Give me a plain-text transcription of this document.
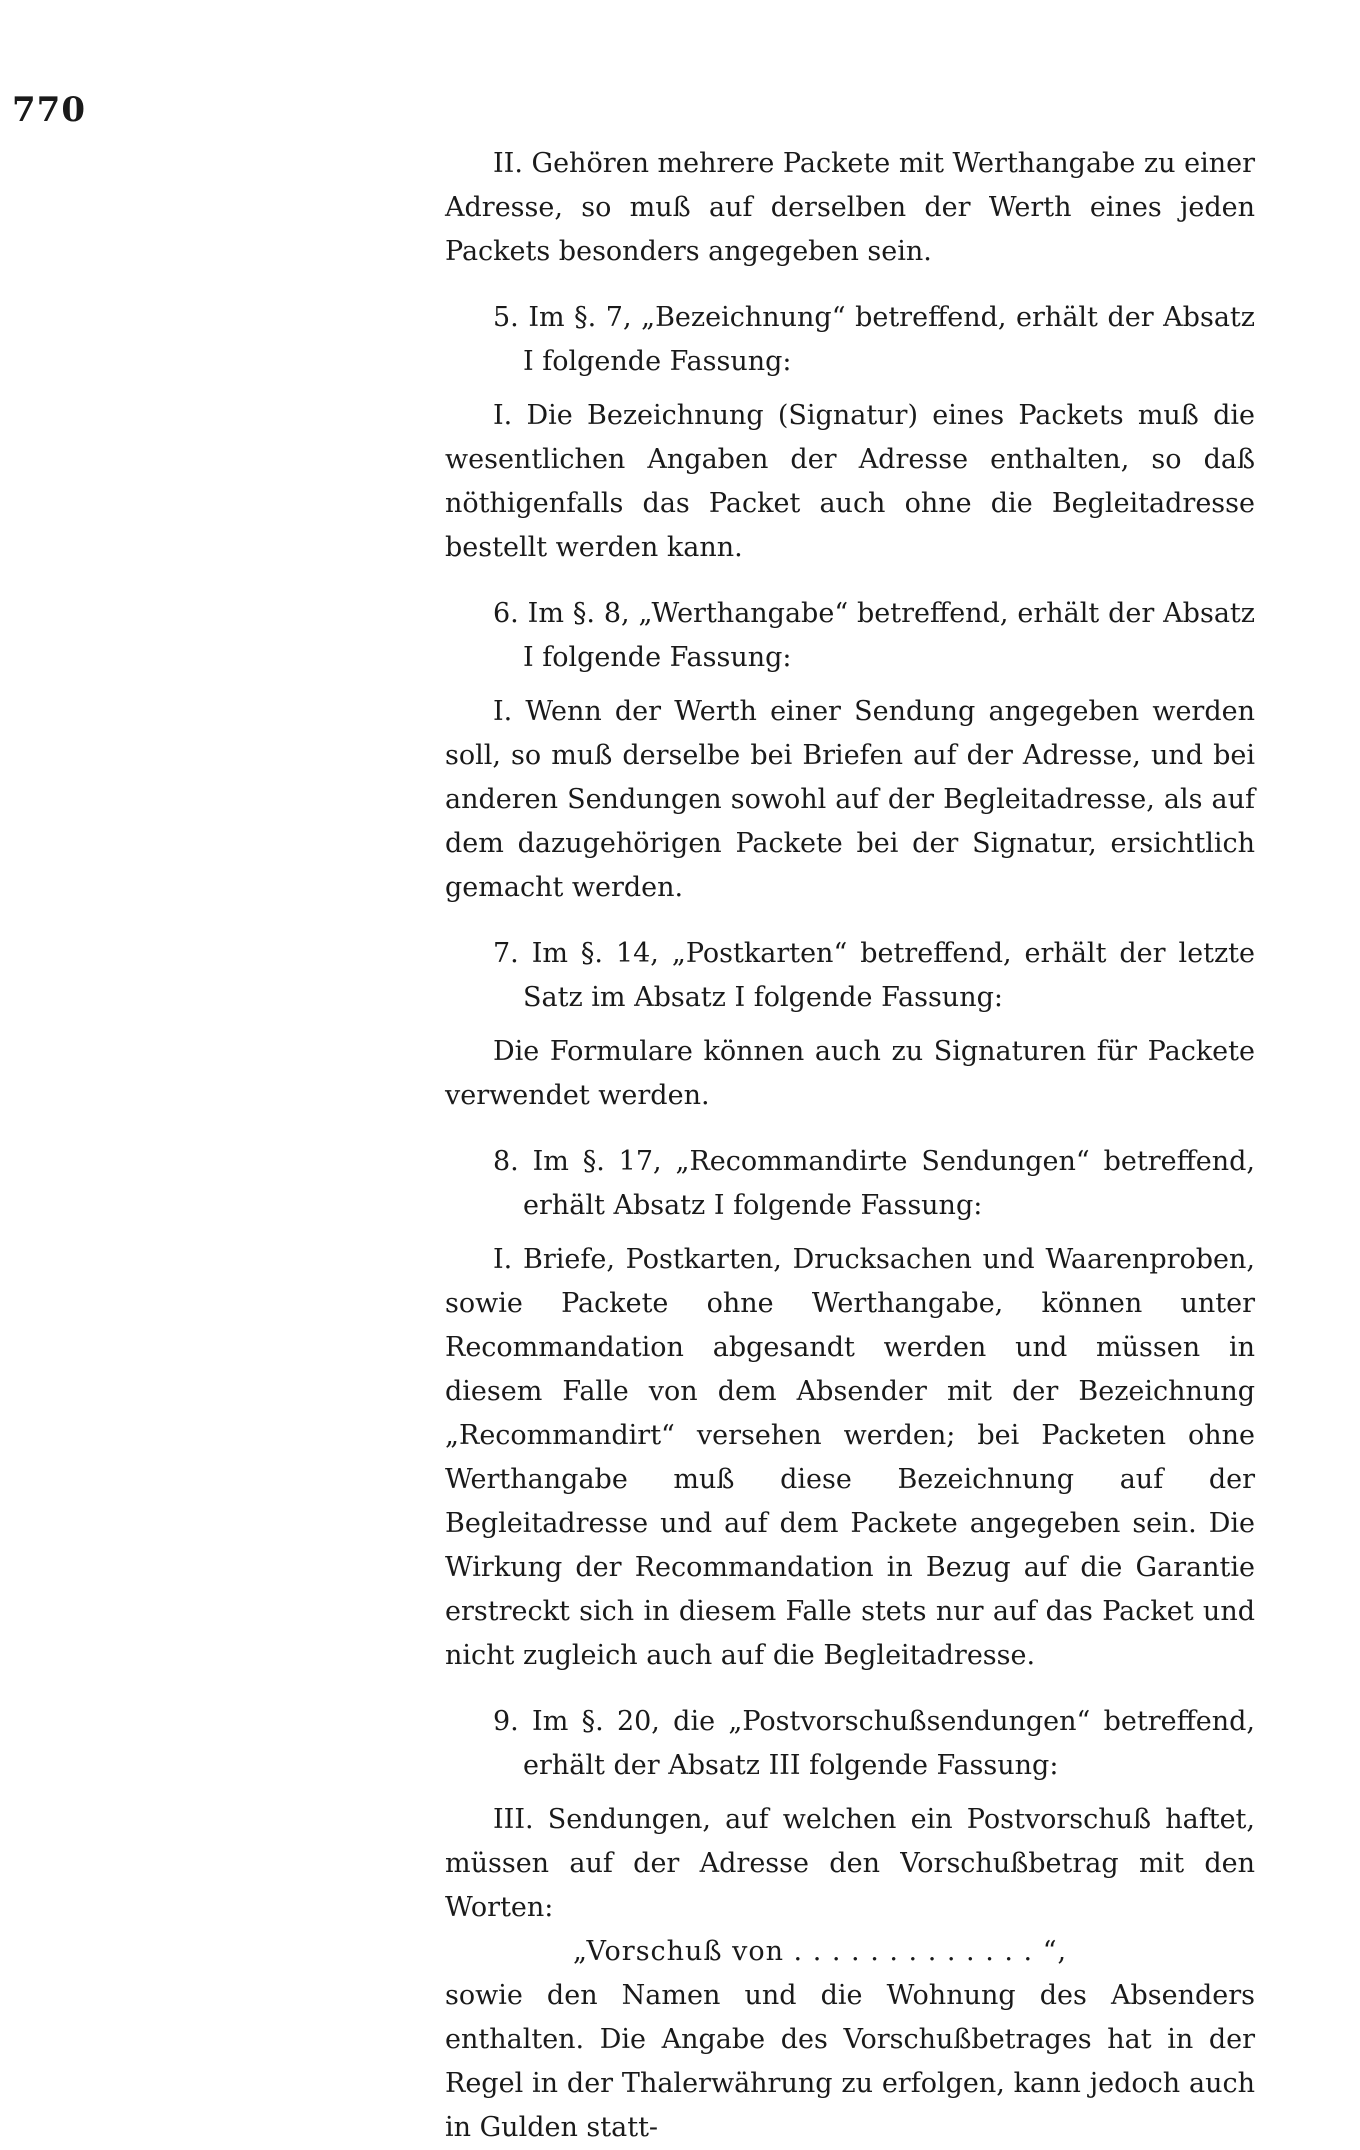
770

II. Gehören mehrere Packete mit Werthangabe zu einer Adresse, so muß auf derselben der Werth eines jeden Packets besonders angegeben sein.

5. Im §. 7, „Bezeichnung“ betreffend, erhält der Absatz I folgende Fassung:

I. Die Bezeichnung (Signatur) eines Packets muß die wesentlichen Angaben der Adresse enthalten, so daß nöthigenfalls das Packet auch ohne die Begleitadresse bestellt werden kann.

6. Im §. 8, „Werthangabe“ betreffend, erhält der Absatz I folgende Fassung:

I. Wenn der Werth einer Sendung angegeben werden soll, so muß derselbe bei Briefen auf der Adresse, und bei anderen Sendungen sowohl auf der Begleitadresse, als auf dem dazugehörigen Packete bei der Signatur, ersichtlich gemacht werden.

7. Im §. 14, „Postkarten“ betreffend, erhält der letzte Satz im Absatz I folgende Fassung:

Die Formulare können auch zu Signaturen für Packete verwendet werden.

8. Im §. 17, „Recommandirte Sendungen“ betreffend, erhält Absatz I folgende Fassung:

I. Briefe, Postkarten, Drucksachen und Waarenproben, sowie Packete ohne Werthangabe, können unter Recommandation abgesandt werden und müssen in diesem Falle von dem Absender mit der Bezeichnung „Recommandirt“ versehen werden; bei Packeten ohne Werthangabe muß diese Bezeichnung auf der Begleitadresse und auf dem Packete angegeben sein. Die Wirkung der Recommandation in Bezug auf die Garantie erstreckt sich in diesem Falle stets nur auf das Packet und nicht zugleich auch auf die Begleitadresse.

9. Im §. 20, die „Postvorschußsendungen“ betreffend, erhält der Absatz III folgende Fassung:

III. Sendungen, auf welchen ein Postvorschuß haftet, müssen auf der Adresse den Vorschußbetrag mit den Worten:

„Vorschuß von . . . . . . . . . . . . . “,

sowie den Namen und die Wohnung des Absenders enthalten. Die Angabe des Vorschußbetrages hat in der Regel in der Thalerwährung zu erfolgen, kann jedoch auch in Gulden statt-
